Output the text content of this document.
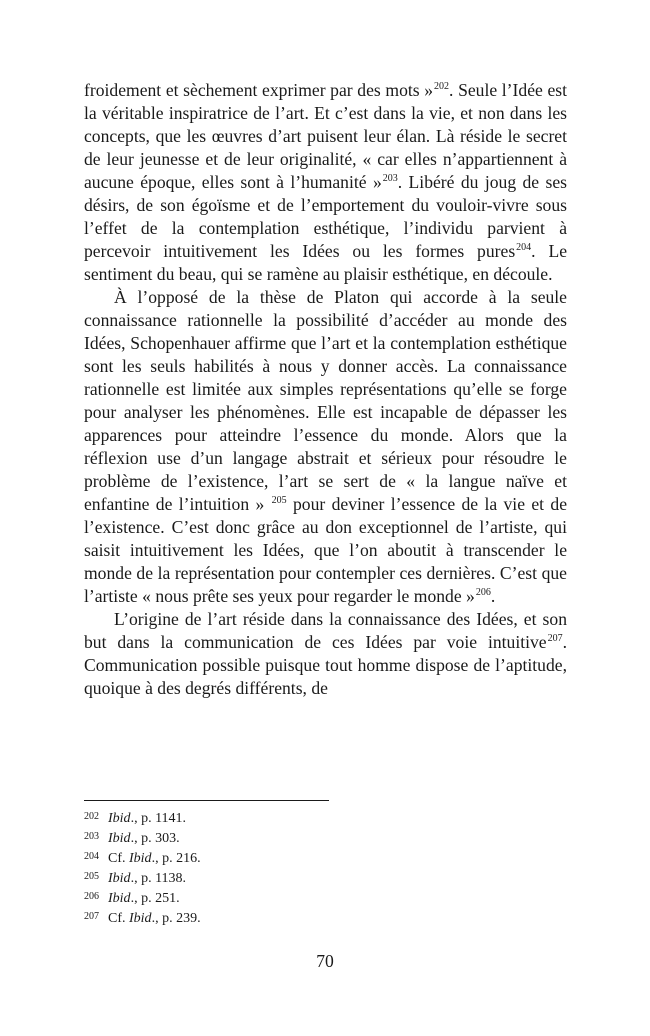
froidement et sèchement exprimer par des mots »$^{202}$. Seule l’Idée est la véritable inspiratrice de l’art. Et c’est dans la vie, et non dans les concepts, que les œuvres d’art puisent leur élan. Là réside le secret de leur jeunesse et de leur originalité, « car elles n’appartiennent à aucune époque, elles sont à l’humanité »$^{203}$. Libéré du joug de ses désirs, de son égoïsme et de l’emportement du vouloir-vivre sous l’effet de la contemplation esthétique, l’individu parvient à percevoir intuitivement les Idées ou les formes pures$^{204}$. Le sentiment du beau, qui se ramène au plaisir esthétique, en découle.

À l’opposé de la thèse de Platon qui accorde à la seule connaissance rationnelle la possibilité d’accéder au monde des Idées, Schopenhauer affirme que l’art et la contemplation esthétique sont les seuls habilités à nous y donner accès. La connaissance rationnelle est limitée aux simples représentations qu’elle se forge pour analyser les phénomènes. Elle est incapable de dépasser les apparences pour atteindre l’essence du monde. Alors que la réflexion use d’un langage abstrait et sérieux pour résoudre le problème de l’existence, l’art se sert de « la langue naïve et enfantine de l’intuition » $^{205}$ pour deviner l’essence de la vie et de l’existence. C’est donc grâce au don exceptionnel de l’artiste, qui saisit intuitivement les Idées, que l’on aboutit à transcender le monde de la représentation pour contempler ces dernières. C’est que l’artiste « nous prête ses yeux pour regarder le monde »$^{206}$.

L’origine de l’art réside dans la connaissance des Idées, et son but dans la communication de ces Idées par voie intuitive$^{207}$. Communication possible puisque tout homme dispose de l’aptitude, quoique à des degrés différents, de

202 Ibid., p. 1141.
203 Ibid., p. 303.
204 Cf. Ibid., p. 216.
205 Ibid., p. 1138.
206 Ibid., p. 251.
207 Cf. Ibid., p. 239.
70
